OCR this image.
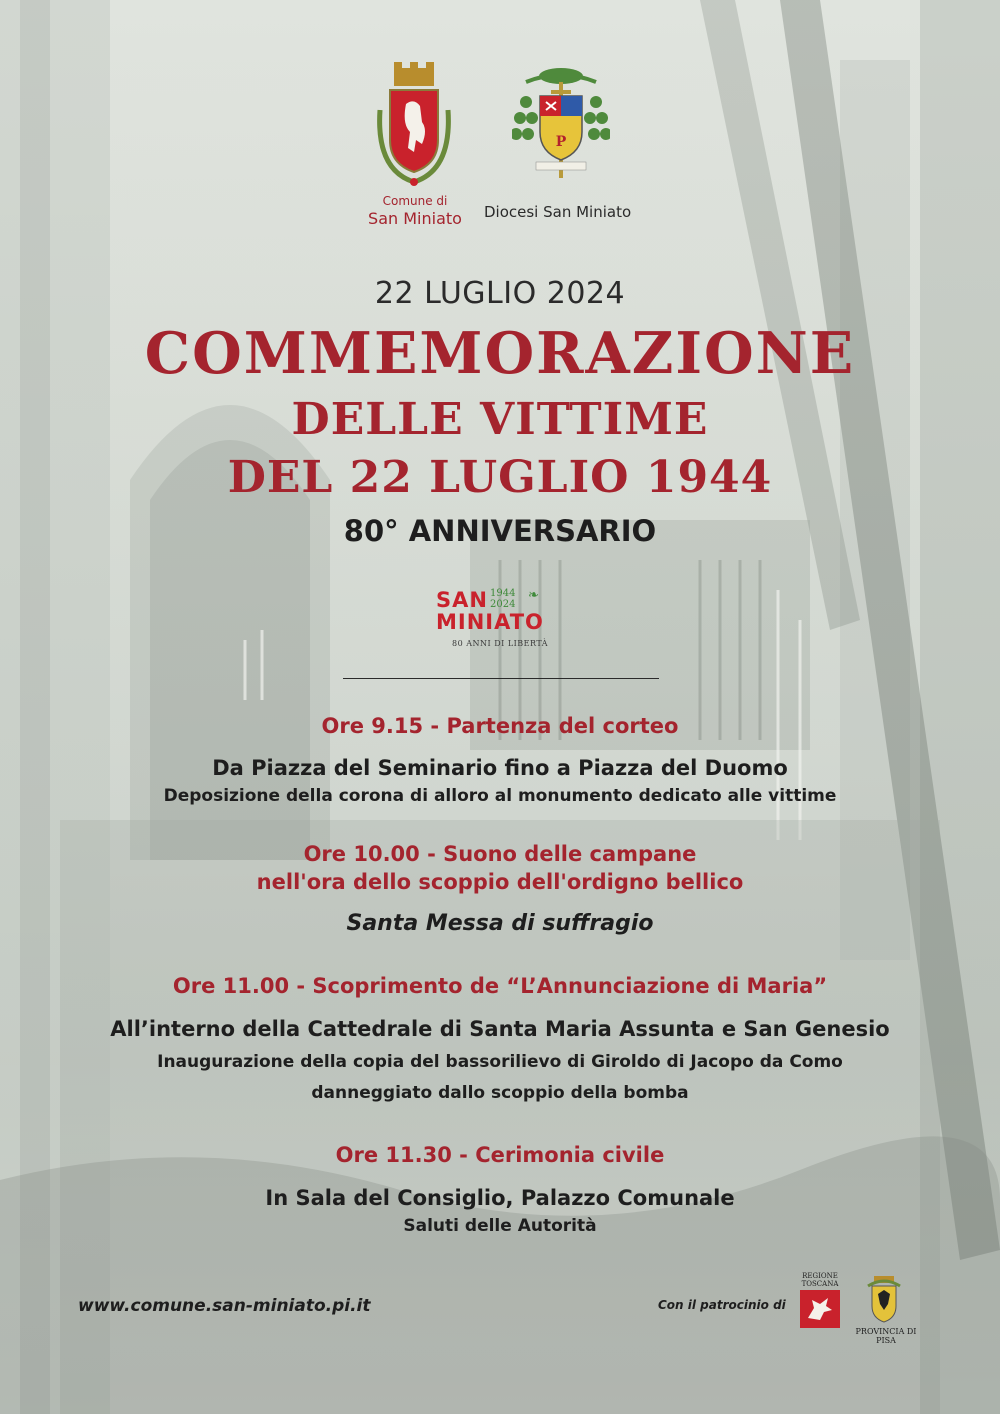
Comune di
San Miniato
P
Diocesi San Miniato
22 LUGLIO 2024
COMMEMORAZIONE
DELLE VITTIME
DEL 22 LUGLIO 1944
80° ANNIVERSARIO
SAN 1944
2024
❧
MINIATO
80 ANNI DI LIBERTÀ
Ore 9.15 - Partenza del corteo
Da Piazza del Seminario fino a Piazza del Duomo
Deposizione della corona di alloro al monumento dedicato alle vittime
Ore 10.00 - Suono delle campane
nell'ora dello scoppio dell'ordigno bellico
Santa Messa di suffragio
Ore 11.00 - Scoprimento de “L’Annunciazione di Maria”
All’interno della Cattedrale di Santa Maria Assunta e San Genesio
Inaugurazione della copia del bassorilievo di Giroldo di Jacopo da Como
danneggiato dallo scoppio della bomba
Ore 11.30 - Cerimonia civile
In Sala del Consiglio, Palazzo Comunale
Saluti delle Autorità
www.comune.san-miniato.pi.it	Con il patrocinio di
REGIONE
TOSCANA
PROVINCIA DI PISA
